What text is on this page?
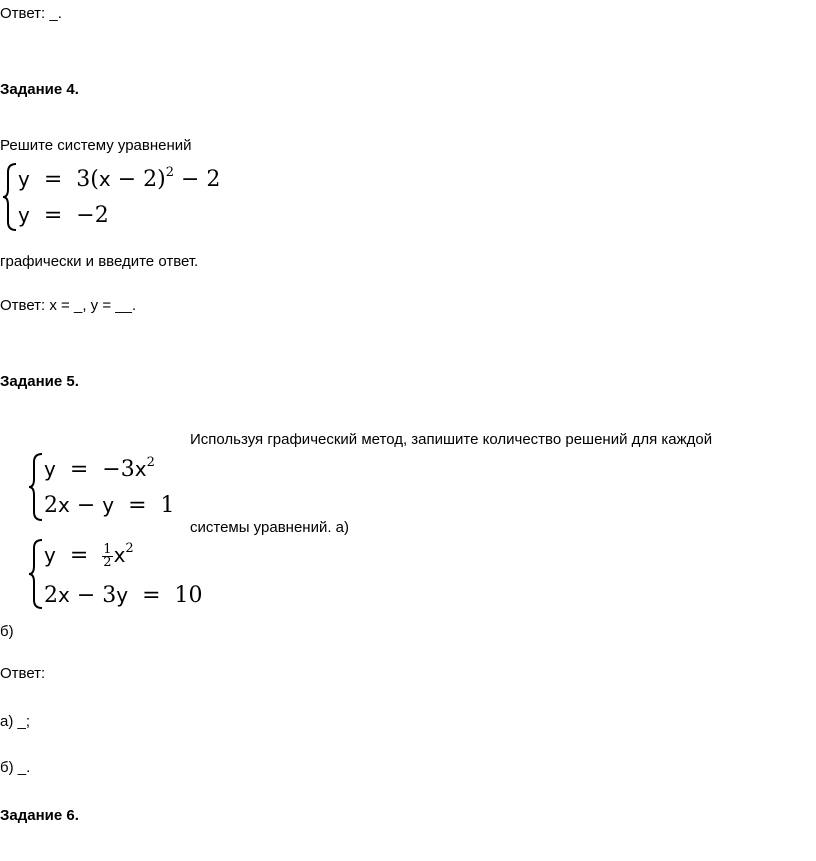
Ответ: _.
Задание 4.
Решите систему уравнений
$y = 3(x - 2)^2 - 2$
y = −2
графически и введите ответ.
Ответ: x = _, y = __.
Задание 5.
Используя графический метод, запишите количество решений для каждой
$y = -3x^2$
2x − y = 1
системы уравнений. а)
$y = \frac{1}{2} x^2$
2x − 3y = 10
б)
Ответ:
а) _;
б) _.
Задание 6.
